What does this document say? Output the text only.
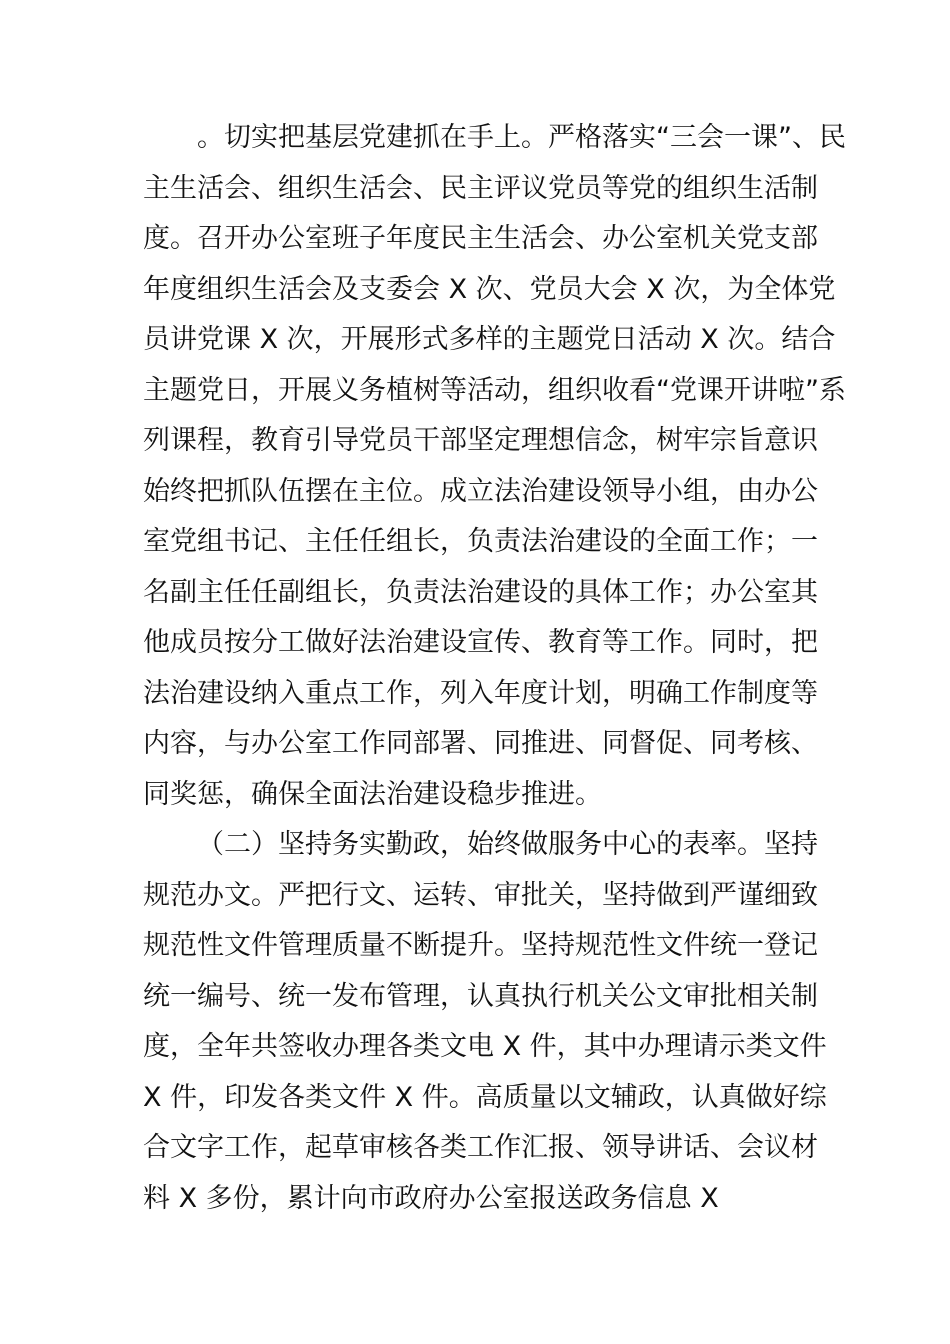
。切实把基层党建抓在手上。严格落实“三会一课”、民
主生活会、组织生活会、民主评议党员等党的组织生活制
度。召开办公室班子年度民主生活会、办公室机关党支部
年度组织生活会及支委会 X 次、党员大会 X 次，为全体党
员讲党课 X 次，开展形式多样的主题党日活动 X 次。结合
主题党日，开展义务植树等活动，组织收看“党课开讲啦”系
列课程，教育引导党员干部坚定理想信念，树牢宗旨意识
始终把抓队伍摆在主位。成立法治建设领导小组，由办公
室党组书记、主任任组长，负责法治建设的全面工作；一
名副主任任副组长，负责法治建设的具体工作；办公室其
他成员按分工做好法治建设宣传、教育等工作。同时，把
法治建设纳入重点工作，列入年度计划，明确工作制度等
内容，与办公室工作同部署、同推进、同督促、同考核、
同奖惩，确保全面法治建设稳步推进。
（二）坚持务实勤政，始终做服务中心的表率。坚持
规范办文。严把行文、运转、审批关，坚持做到严谨细致
规范性文件管理质量不断提升。坚持规范性文件统一登记
统一编号、统一发布管理，认真执行机关公文审批相关制
度，全年共签收办理各类文电 X 件，其中办理请示类文件
X 件，印发各类文件 X 件。高质量以文辅政，认真做好综
合文字工作，起草审核各类工作汇报、领导讲话、会议材
料 X 多份，累计向市政府办公室报送政务信息 X
